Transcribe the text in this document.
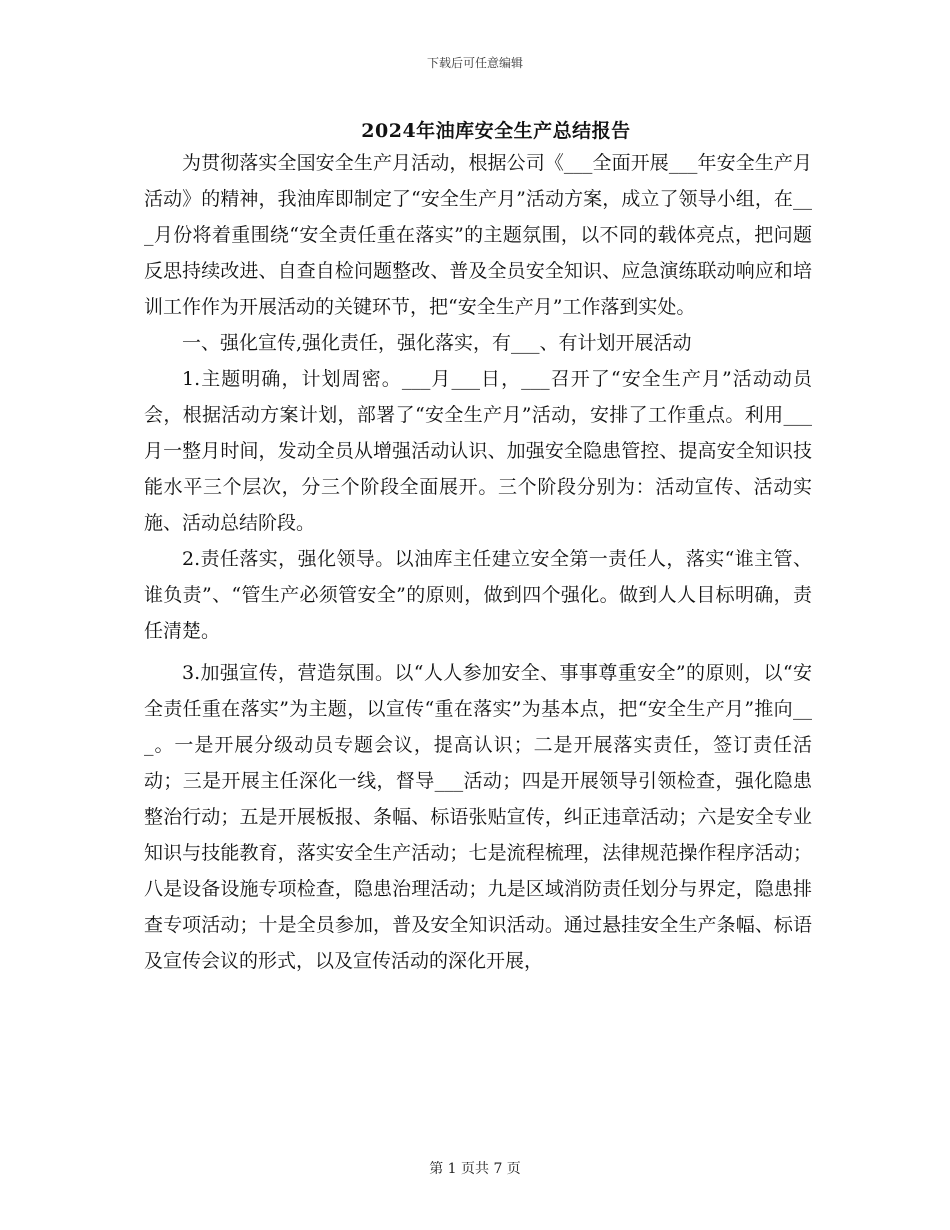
下载后可任意编辑
2024年油库安全生产总结报告

为贯彻落实全国安全生产月活动，根据公司《___全面开展___年安全生产月活动》的精神，我油库即制定了“安全生产月”活动方案，成立了领导小组，在___月份将着重围绕“安全责任重在落实”的主题氛围，以不同的载体亮点，把问题反思持续改进、自查自检问题整改、普及全员安全知识、应急演练联动响应和培训工作作为开展活动的关键环节，把“安全生产月”工作落到实处。

一、强化宣传,强化责任，强化落实，有___、有计划开展活动

1.主题明确，计划周密。___月___日，___召开了“安全生产月”活动动员会，根据活动方案计划，部署了“安全生产月”活动，安排了工作重点。利用___月一整月时间，发动全员从增强活动认识、加强安全隐患管控、提高安全知识技能水平三个层次，分三个阶段全面展开。三个阶段分别为：活动宣传、活动实施、活动总结阶段。

2.责任落实，强化领导。以油库主任建立安全第一责任人，落实“谁主管、谁负责”、“管生产必须管安全”的原则，做到四个强化。做到人人目标明确，责任清楚。

3.加强宣传，营造氛围。以“人人参加安全、事事尊重安全”的原则，以“安全责任重在落实”为主题，以宣传“重在落实”为基本点，把“安全生产月”推向___。一是开展分级动员专题会议，提高认识；二是开展落实责任，签订责任活动；三是开展主任深化一线，督导___活动；四是开展领导引领检查，强化隐患整治行动；五是开展板报、条幅、标语张贴宣传，纠正违章活动；六是安全专业知识与技能教育，落实安全生产活动；七是流程梳理，法律规范操作程序活动；八是设备设施专项检查，隐患治理活动；九是区域消防责任划分与界定，隐患排查专项活动；十是全员参加，普及安全知识活动。通过悬挂安全生产条幅、标语及宣传会议的形式，以及宣传活动的深化开展，

第 1 页共 7 页
